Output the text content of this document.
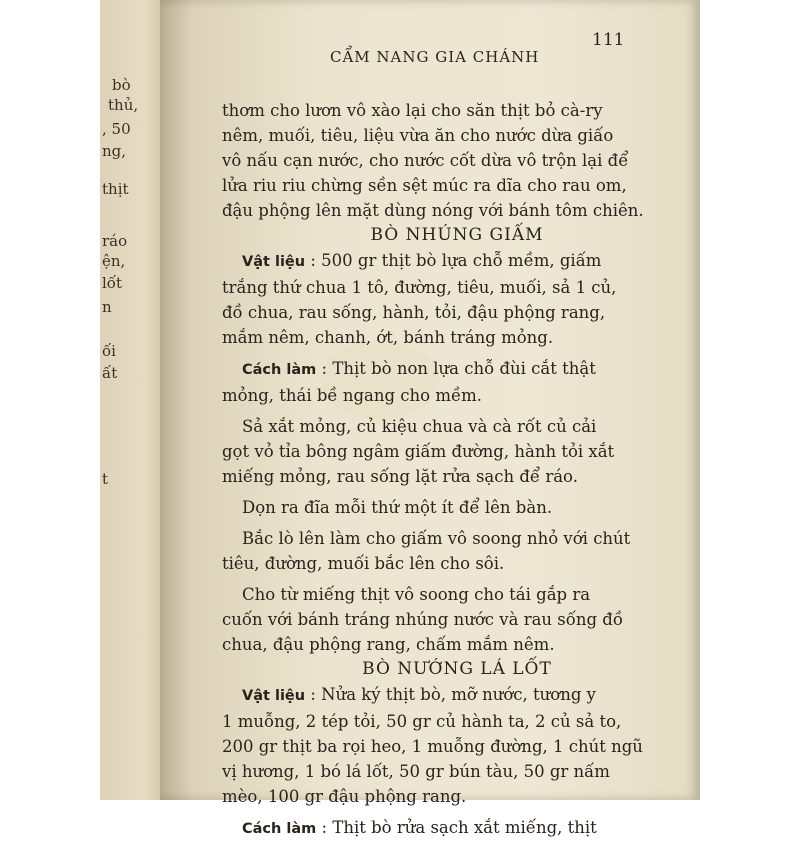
bò
thủ,
, 50
ng,
thịt
ráo
ện,
lốt
n
ối
ất
t
CẨM NANG GIA CHÁNH
111

thơm cho lươn vô xào lại cho săn thịt bỏ cà-ry

nêm, muối, tiêu, liệu vừa ăn cho nước dừa giấo

vô nấu cạn nước, cho nước cốt dừa vô trộn lại để

lửa riu riu chừng sền sệt múc ra dĩa cho rau om,

đậu phộng lên mặt dùng nóng với bánh tôm chiên.

BÒ NHÚNG GIẤM

Vật liệu : 500 gr thịt bò lựa chỗ mềm, giấm

trắng thứ chua 1 tô, đường, tiêu, muối, sả 1 củ,

đồ chua, rau sống, hành, tỏi, đậu phộng rang,

mắm nêm, chanh, ớt, bánh tráng mỏng.

Cách làm : Thịt bò non lựa chỗ đùi cắt thật

mỏng, thái bề ngang cho mềm.

Sả xắt mỏng, củ kiệu chua và cà rốt củ cải

gọt vỏ tỉa bông ngâm giấm đường, hành tỏi xắt

miếng mỏng, rau sống lặt rửa sạch để ráo.

Dọn ra đĩa mỗi thứ một ít để lên bàn.

Bắc lò lên làm cho giấm vô soong nhỏ với chút

tiêu, đường, muối bắc lên cho sôi.

Cho từ miếng thịt vô soong cho tái gắp ra

cuốn với bánh tráng nhúng nước và rau sống đồ

chua, đậu phộng rang, chấm mắm nêm.

BÒ NƯỚNG LÁ LỐT

Vật liệu : Nửa ký thịt bò, mỡ nước, tương y

1 muỗng, 2 tép tỏi, 50 gr củ hành ta, 2 củ sả to,

200 gr thịt ba rọi heo, 1 muỗng đường, 1 chút ngũ

vị hương, 1 bó lá lốt, 50 gr bún tàu, 50 gr nấm

mèo, 100 gr đậu phộng rang.

Cách làm : Thịt bò rửa sạch xắt miếng, thịt
